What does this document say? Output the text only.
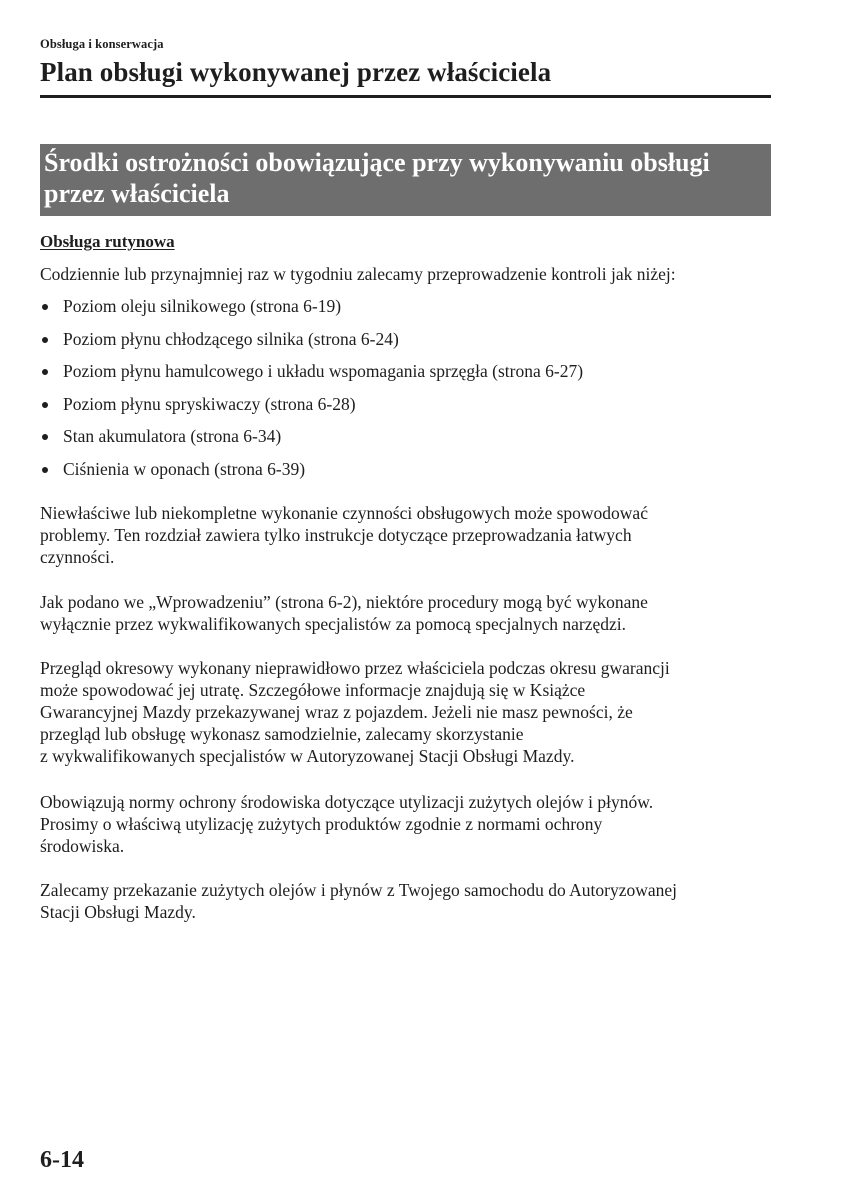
Obsługa i konserwacja
Plan obsługi wykonywanej przez właściciela
Środki ostrożności obowiązujące przy wykonywaniu obsługi
przez właściciela
Obsługa rutynowa

Codziennie lub przynajmniej raz w tygodniu zalecamy przeprowadzenie kontroli jak niżej:

Poziom oleju silnikowego (strona 6-19)
Poziom płynu chłodzącego silnika (strona 6-24)
Poziom płynu hamulcowego i układu wspomagania sprzęgła (strona 6-27)
Poziom płynu spryskiwaczy (strona 6-28)
Stan akumulatora (strona 6-34)
Ciśnienia w oponach (strona 6-39)

Niewłaściwe lub niekompletne wykonanie czynności obsługowych może spowodować
problemy. Ten rozdział zawiera tylko instrukcje dotyczące przeprowadzania łatwych
czynności.

Jak podano we „Wprowadzeniu” (strona 6-2), niektóre procedury mogą być wykonane
wyłącznie przez wykwalifikowanych specjalistów za pomocą specjalnych narzędzi.

Przegląd okresowy wykonany nieprawidłowo przez właściciela podczas okresu gwarancji
może spowodować jej utratę. Szczegółowe informacje znajdują się w Książce
Gwarancyjnej Mazdy przekazywanej wraz z pojazdem. Jeżeli nie masz pewności, że
przegląd lub obsługę wykonasz samodzielnie, zalecamy skorzystanie
z wykwalifikowanych specjalistów w Autoryzowanej Stacji Obsługi Mazdy.

Obowiązują normy ochrony środowiska dotyczące utylizacji zużytych olejów i płynów.
Prosimy o właściwą utylizację zużytych produktów zgodnie z normami ochrony
środowiska.

Zalecamy przekazanie zużytych olejów i płynów z Twojego samochodu do Autoryzowanej
Stacji Obsługi Mazdy.

6-14
